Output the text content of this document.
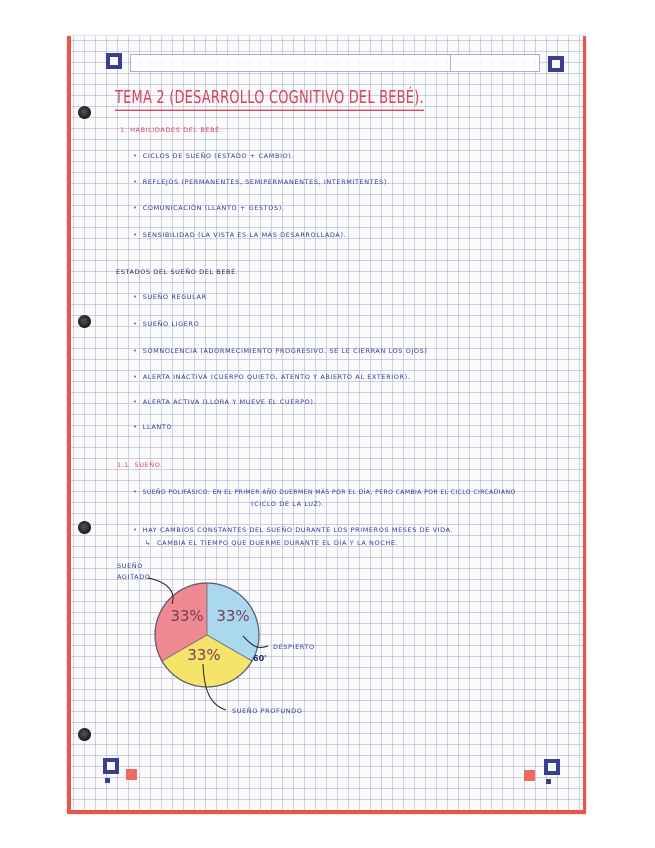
TEMA 2 (DESARROLLO COGNITIVO DEL BEBÉ).
1. HABILIDADES DEL BEBÉ.
• CICLOS DE SUEÑO (ESTADO + CAMBIO).
• REFLEJOS (PERMANENTES, SEMIPERMANENTES, INTERMITENTES).
• COMUNICACIÓN (LLANTO + GESTOS).
• SENSIBILIDAD (LA VISTA ES LA MÁS DESARROLLADA).
ESTADOS DEL SUEÑO DEL BEBÉ.
• SUEÑO REGULAR
• SUEÑO LIGERO
• SOMNOLENCIA (ADORMECIMIENTO PROGRESIVO, SE LE CIERRAN LOS OJOS)
• ALERTA INACTIVA (CUERPO QUIETO, ATENTO Y ABIERTO AL EXTERIOR).
• ALERTA ACTIVA (LLORA Y MUEVE EL CUERPO).
• LLANTO
1.1. SUEÑO.
• SUEÑO POLIFÁSICO: EN EL PRIMER AÑO DUERMEN MÁS POR EL DÍA, PERO CAMBIA POR EL CICLO CIRCADIANO
(CICLO DE LA LUZ).
• HAY CAMBIOS CONSTANTES DEL SUEÑO DURANTE LOS PRIMEROS MESES DE VIDA.
↳ CAMBIA EL TIEMPO QUE DUERME DURANTE EL DÍA Y LA NOCHE.
SUEÑO
AGITADO
DESPIERTO
SUEÑO PROFUNDO
60'
33% 33%
33%
